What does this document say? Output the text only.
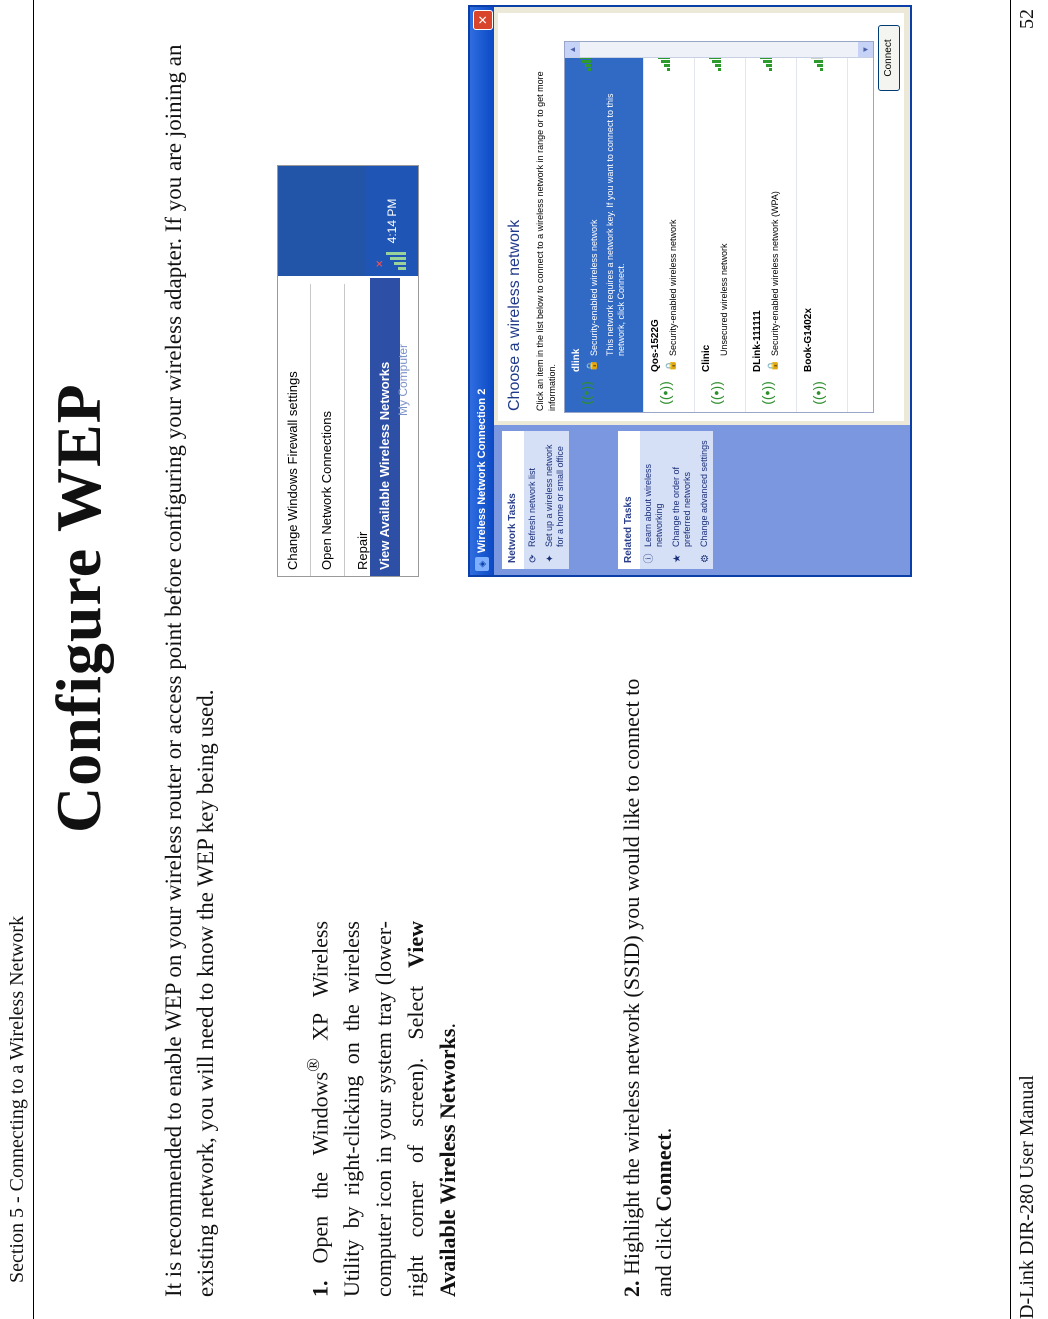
Section 5 - Connecting to a Wireless Network
Configure WEP It is recommended to enable WEP on your wireless router or access point before configuring your wireless adapter. If you are joining an existing network, you will need to know the WEP key being used.	1. Open the Windows® XP Wireless Utility by right-clicking on the wireless computer icon in your system tray (lower-right corner of screen). Select View Available Wireless Networks.
2. Highlight the wireless network (SSID) you would like to connect to and click Connect.
Change Windows Firewall settings	Open Network Connections	Repair View Available Wireless Networks My Computer
4:14 PM
✕
◈
Wireless Network Connection 2
✕
Network Tasks	⟳
Refresh network list
✦
Set up a wireless network for a home or small office	Related Tasks	ⓘ
Learn about wireless networking
★
Change the order of preferred networks
⚙
Change advanced settings
Choose a wireless network Click an item in the list below to connect to a wireless network in range or to get more information.	((•))
dlink 🔒
Security-enabled wireless network This network requires a network key. If you want to connect to this network, click Connect.
((•))
Qos-1522G 🔒
Security-enabled wireless network
((•))
Clinic
Unsecured wireless network
((•))
DLink-111111 🔒
Security-enabled wireless network (WPA)
((•))
Book-G1402x
▲	▼	Connect
D-Link DIR-280 User Manual
52
